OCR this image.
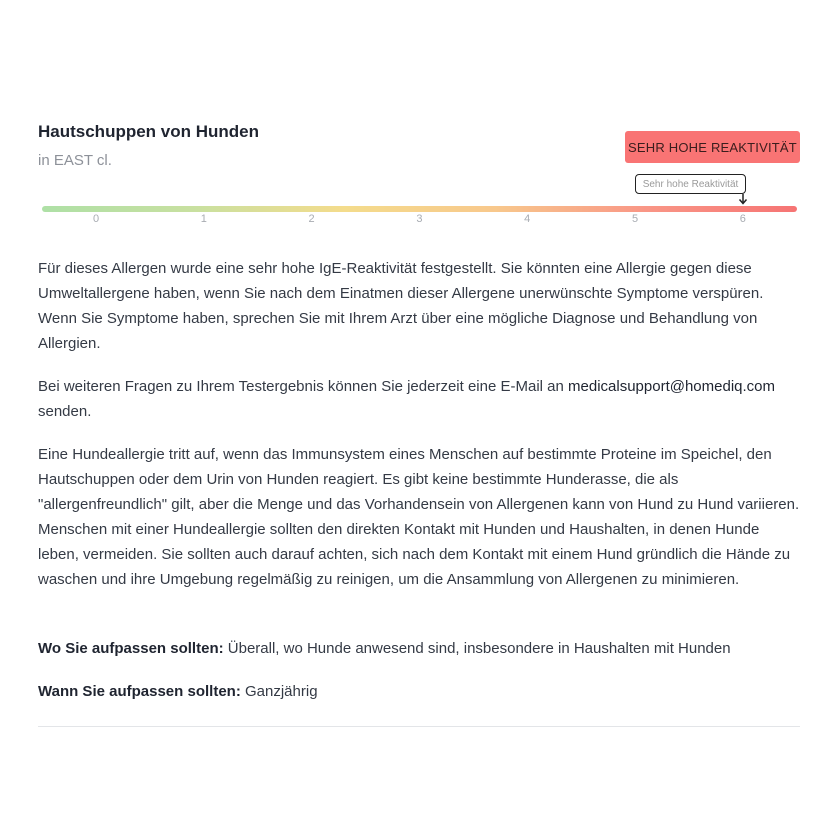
Hautschuppen von Hunden
in EAST cl.
SEHR HOHE REAKTIVITÄT
Sehr hohe Reaktivität
0	1	2	3	4	5	6
Für dieses Allergen wurde eine sehr hohe IgE-Reaktivität festgestellt. Sie könnten eine Allergie gegen diese Umweltallergene haben, wenn Sie nach dem Einatmen dieser Allergene unerwünschte Symptome verspüren. Wenn Sie Symptome haben, sprechen Sie mit Ihrem Arzt über eine mögliche Diagnose und Behandlung von Allergien.
Bei weiteren Fragen zu Ihrem Testergebnis können Sie jederzeit eine E-Mail an medicalsupport@homediq.com senden.
Eine Hundeallergie tritt auf, wenn das Immunsystem eines Menschen auf bestimmte Proteine im Speichel, den Hautschuppen oder dem Urin von Hunden reagiert. Es gibt keine bestimmte Hunderasse, die als "allergenfreundlich" gilt, aber die Menge und das Vorhandensein von Allergenen kann von Hund zu Hund variieren. Menschen mit einer Hundeallergie sollten den direkten Kontakt mit Hunden und Haushalten, in denen Hunde leben, vermeiden. Sie sollten auch darauf achten, sich nach dem Kontakt mit einem Hund gründlich die Hände zu waschen und ihre Umgebung regelmäßig zu reinigen, um die Ansammlung von Allergenen zu minimieren.
Wo Sie aufpassen sollten: Überall, wo Hunde anwesend sind, insbesondere in Haushalten mit Hunden
Wann Sie aufpassen sollten: Ganzjährig
